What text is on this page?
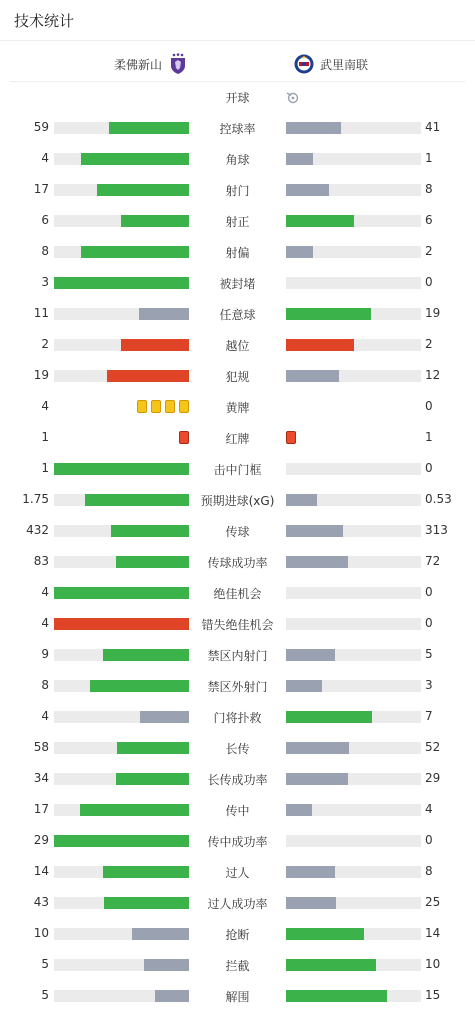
技术统计
柔佛新山	武里南联
开球
控球率
59	41
角球
4	1
射门
17	8
射正
6	6
射偏
8	2
被封堵
3	0
任意球
11	19
越位
2	2
犯规
19	12
黄牌
4	0
红牌
1	1
击中门框
1	0
预期进球(xG)
1.75	0.53
传球
432	313
传球成功率
83	72
绝佳机会
4	0
错失绝佳机会
4	0
禁区内射门
9	5
禁区外射门
8	3
门将扑救
4	7
长传
58	52
长传成功率
34	29
传中
17	4
传中成功率
29	0
过人
14	8
过人成功率
43	25
抢断
10	14
拦截
5	10
解围
5	15
